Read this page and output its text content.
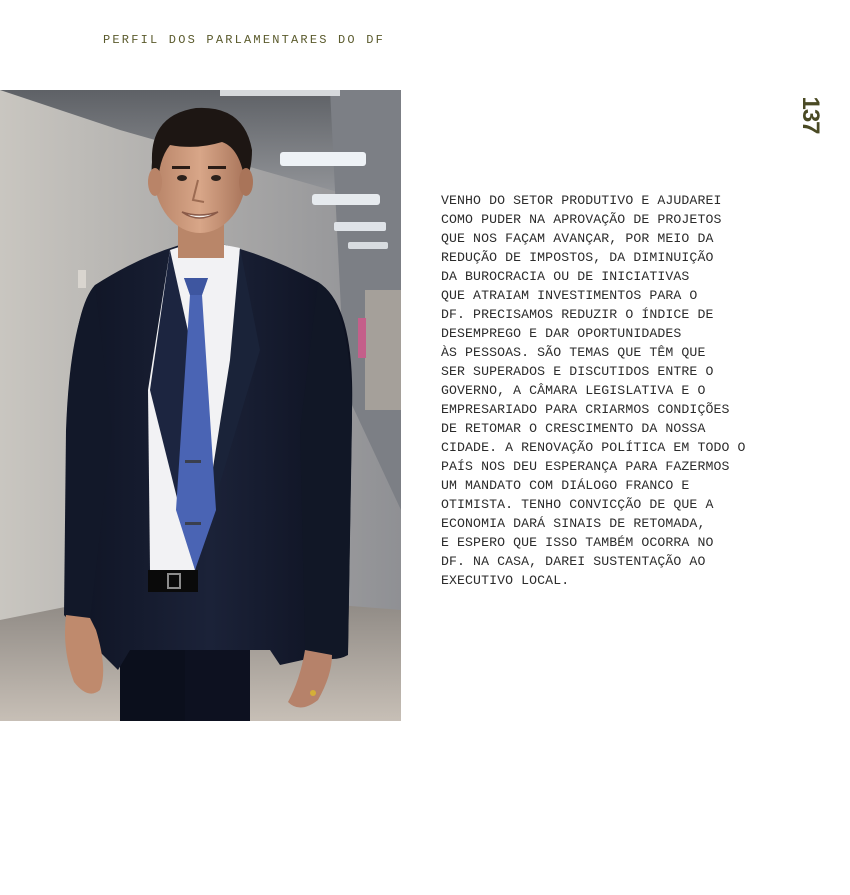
PERFIL DOS PARLAMENTARES DO DF
137
VENHO DO SETOR PRODUTIVO E AJUDAREI
COMO PUDER NA APROVAÇÃO DE PROJETOS
QUE NOS FAÇAM AVANÇAR, POR MEIO DA
REDUÇÃO DE IMPOSTOS, DA DIMINUIÇÃO
DA BUROCRACIA OU DE INICIATIVAS
QUE ATRAIAM INVESTIMENTOS PARA O
DF. PRECISAMOS REDUZIR O ÍNDICE DE
DESEMPREGO E DAR OPORTUNIDADES
ÀS PESSOAS. SÃO TEMAS QUE TÊM QUE
SER SUPERADOS E DISCUTIDOS ENTRE O
GOVERNO, A CÂMARA LEGISLATIVA E O
EMPRESARIADO PARA CRIARMOS CONDIÇÕES
DE RETOMAR O CRESCIMENTO DA NOSSA
CIDADE. A RENOVAÇÃO POLÍTICA EM TODO O
PAÍS NOS DEU ESPERANÇA PARA FAZERMOS
UM MANDATO COM DIÁLOGO FRANCO E
OTIMISTA. TENHO CONVICÇÃO DE QUE A
ECONOMIA DARÁ SINAIS DE RETOMADA,
E ESPERO QUE ISSO TAMBÉM OCORRA NO
DF. NA CASA, DAREI SUSTENTAÇÃO AO
EXECUTIVO LOCAL.
